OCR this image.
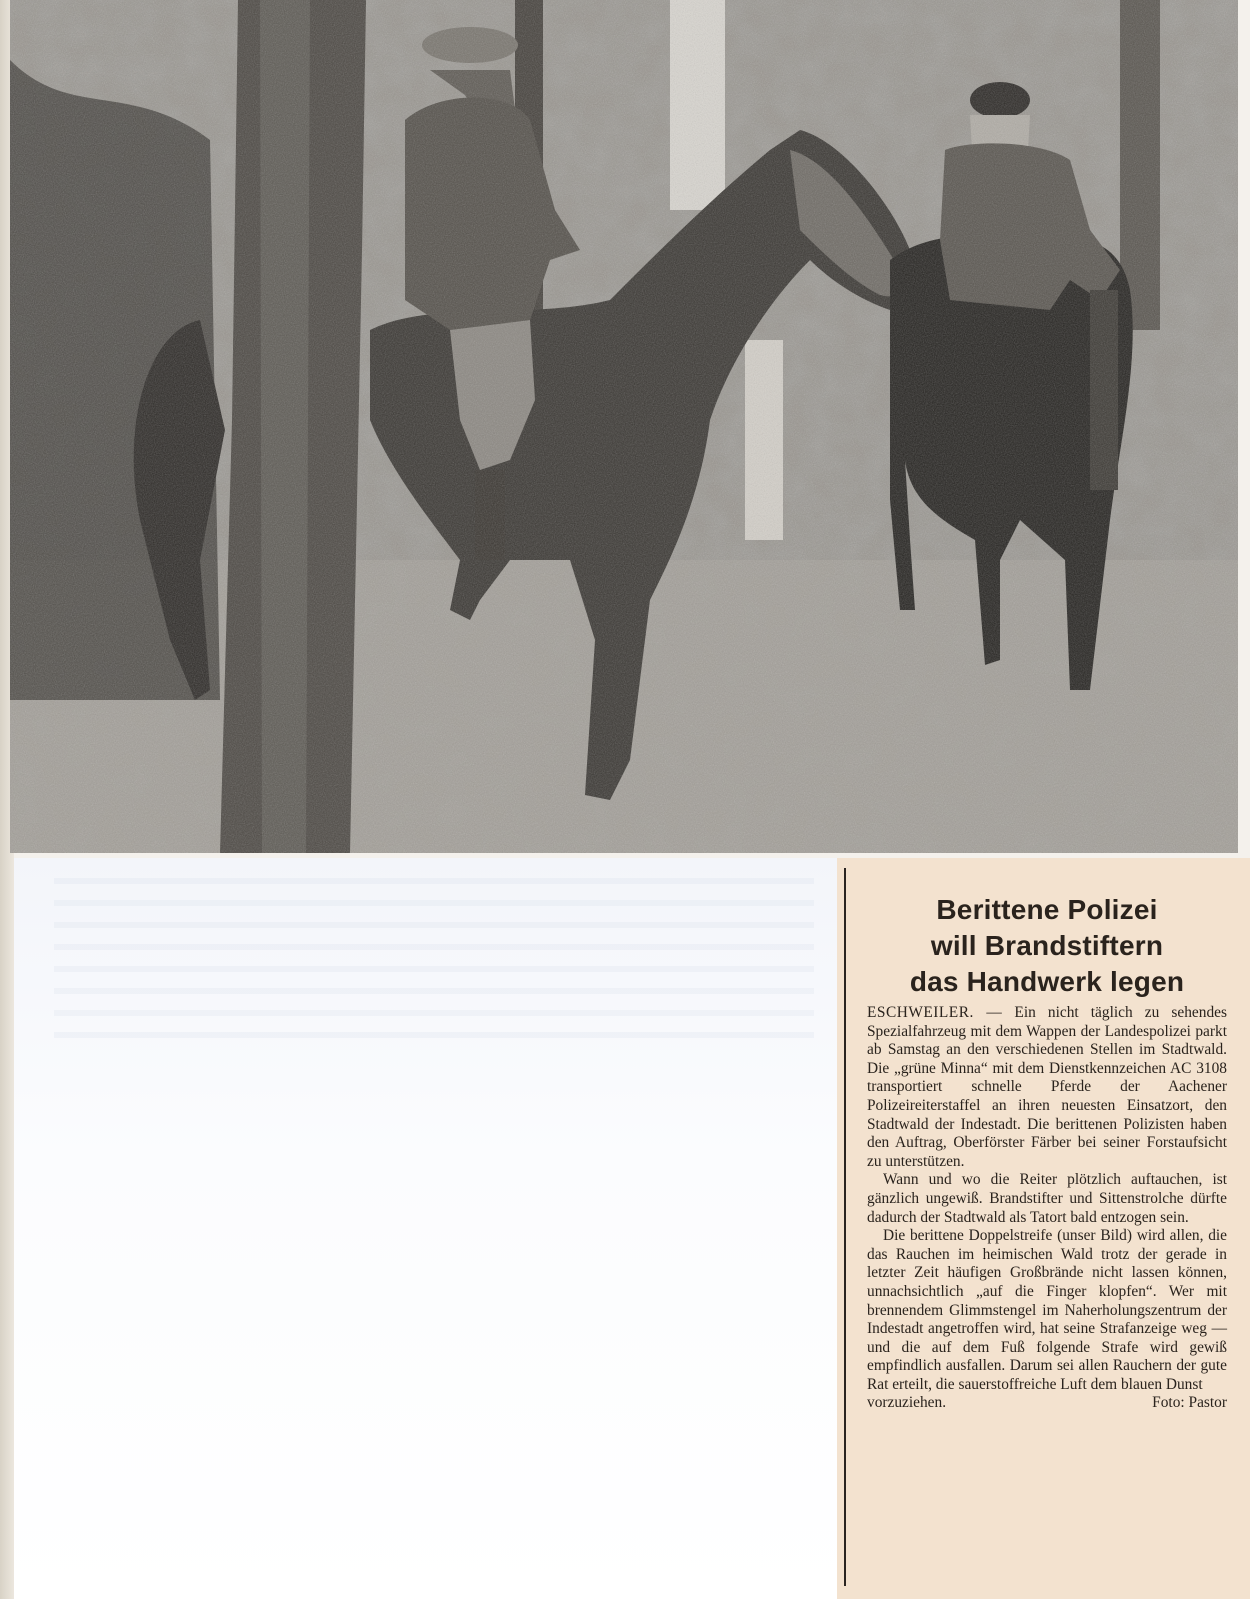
Berittene Polizei
will Brandstiftern
das Handwerk legen

ESCHWEILER. — Ein nicht täglich zu sehendes Spezialfahrzeug mit dem Wappen der Landespolizei parkt ab Samstag an den verschiedenen Stellen im Stadtwald. Die „grüne Minna“ mit dem Dienstkennzeichen AC 3108 transportiert schnelle Pferde der Aachener Polizeireiterstaffel an ihren neuesten Einsatzort, den Stadtwald der Indestadt. Die berittenen Polizisten haben den Auftrag, Oberförster Färber bei seiner Forstaufsicht zu unterstützen.

Wann und wo die Reiter plötzlich auftauchen, ist gänzlich ungewiß. Brandstifter und Sittenstrolche dürfte dadurch der Stadtwald als Tatort bald entzogen sein.

Die berittene Doppelstreife (unser Bild) wird allen, die das Rauchen im heimischen Wald trotz der gerade in letzter Zeit häufigen Großbrände nicht lassen können, unnachsichtlich „auf die Finger klopfen“. Wer mit brennendem Glimmstengel im Naherholungszentrum der Indestadt angetroffen wird, hat seine Strafanzeige weg — und die auf dem Fuß folgende Strafe wird gewiß empfindlich ausfallen. Darum sei allen Rauchern der gute Rat erteilt, die sauerstoffreiche Luft dem blauen Dunst

vorzuziehen.	Foto: Pastor
